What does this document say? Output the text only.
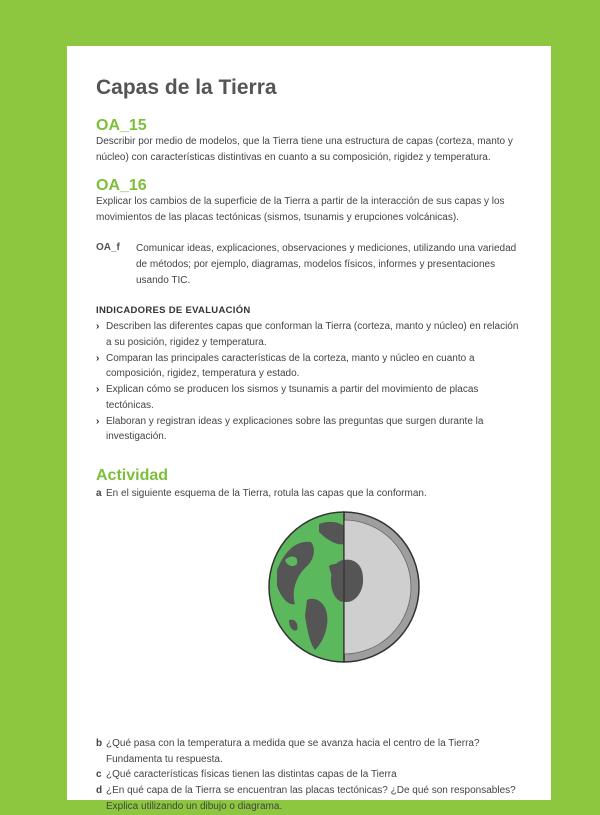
Capas de la Tierra
OA_15
Describir por medio de modelos, que la Tierra tiene una estructura de capas (corteza, manto y núcleo) con características distintivas en cuanto a su composición, rigidez y temperatura.
OA_16
Explicar los cambios de la superficie de la Tierra a partir de la interacción de sus capas y los movimientos de las placas tectónicas (sismos, tsunamis y erupciones volcánicas).
OA_f Comunicar ideas, explicaciones, observaciones y mediciones, utilizando una variedad de métodos; por ejemplo, diagramas, modelos físicos, informes y presentaciones usando TIC.
INDICADORES DE EVALUACIÓN
› Describen las diferentes capas que conforman la Tierra (corteza, manto y núcleo) en relación a su posición, rigidez y temperatura.
› Comparan las principales características de la corteza, manto y núcleo en cuanto a composición, rigidez, temperatura y estado.
› Explican cómo se producen los sismos y tsunamis a partir del movimiento de placas tectónicas.
› Elaboran y registran ideas y explicaciones sobre las preguntas que surgen durante la investigación.
Actividad
a En el siguiente esquema de la Tierra, rotula las capas que la conforman.
b ¿Qué pasa con la temperatura a medida que se avanza hacia el centro de la Tierra? Fundamenta tu respuesta.
c ¿Qué características físicas tienen las distintas capas de la Tierra
d ¿En qué capa de la Tierra se encuentran las placas tectónicas? ¿De qué son responsables? Explica utilizando un dibujo o diagrama.
